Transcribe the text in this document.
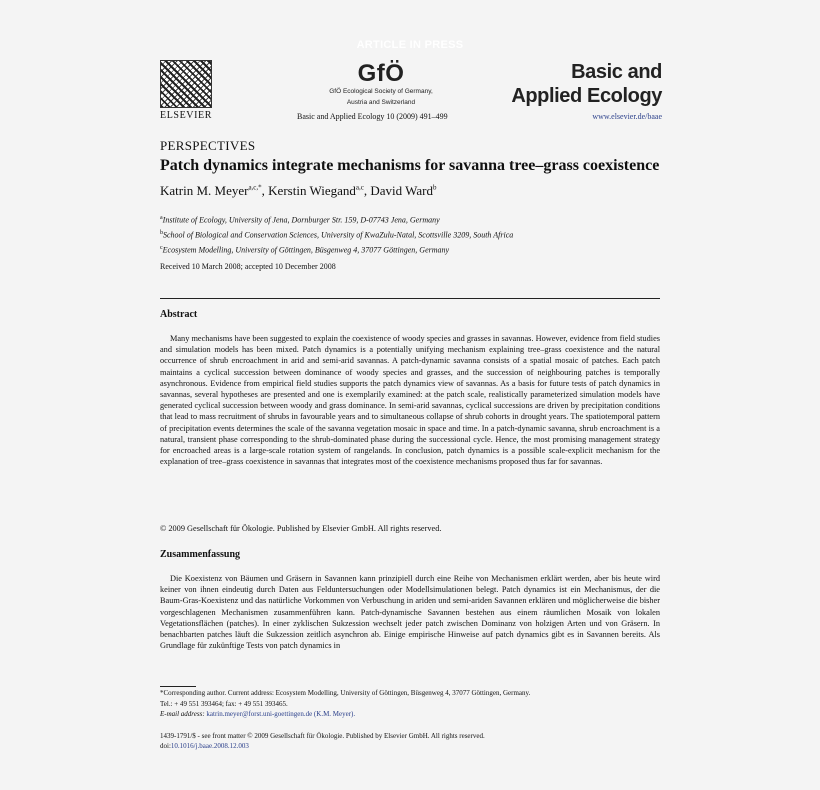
ARTICLE IN PRESS
ELSEVIER
GfÖ
GfÖ Ecological Society of Germany,
Austria and Switzerland
Basic and
Applied Ecology
Basic and Applied Ecology 10 (2009) 491–499	www.elsevier.de/baae
PERSPECTIVES
Patch dynamics integrate mechanisms for savanna tree–grass coexistence
Katrin M. Meyer$^{a,c,*}$, Kerstin Wiegand$^{a,c}$, David Ward$^b$
$^a$Institute of Ecology, University of Jena, Dornburger Str. 159, D-07743 Jena, Germany
$^b$School of Biological and Conservation Sciences, University of KwaZulu-Natal, Scottsville 3209, South Africa
$^c$Ecosystem Modelling, University of Göttingen, Büsgenweg 4, 37077 Göttingen, Germany
Received 10 March 2008; accepted 10 December 2008
Abstract
Many mechanisms have been suggested to explain the coexistence of woody species and grasses in savannas. However, evidence from field studies and simulation models has been mixed. Patch dynamics is a potentially unifying mechanism explaining tree–grass coexistence and the natural occurrence of shrub encroachment in arid and semi-arid savannas. A patch-dynamic savanna consists of a spatial mosaic of patches. Each patch maintains a cyclical succession between dominance of woody species and grasses, and the succession of neighbouring patches is temporally asynchronous. Evidence from empirical field studies supports the patch dynamics view of savannas. As a basis for future tests of patch dynamics in savannas, several hypotheses are presented and one is exemplarily examined: at the patch scale, realistically parameterized simulation models have generated cyclical succession between woody and grass dominance. In semi-arid savannas, cyclical successions are driven by precipitation conditions that lead to mass recruitment of shrubs in favourable years and to simultaneous collapse of shrub cohorts in drought years. The spatiotemporal pattern of precipitation events determines the scale of the savanna vegetation mosaic in space and time. In a patch-dynamic savanna, shrub encroachment is a natural, transient phase corresponding to the shrub-dominated phase during the successional cycle. Hence, the most promising management strategy for encroached areas is a large-scale rotation system of rangelands. In conclusion, patch dynamics is a possible scale-explicit mechanism for the explanation of tree–grass coexistence in savannas that integrates most of the coexistence mechanisms proposed thus far for savannas.
© 2009 Gesellschaft für Ökologie. Published by Elsevier GmbH. All rights reserved.
Zusammenfassung
Die Koexistenz von Bäumen und Gräsern in Savannen kann prinzipiell durch eine Reihe von Mechanismen erklärt werden, aber bis heute wird keiner von ihnen eindeutig durch Daten aus Felduntersuchungen oder Modellsimulationen belegt. Patch dynamics ist ein Mechanismus, der die Baum-Gras-Koexistenz und das natürliche Vorkommen von Verbuschung in ariden und semi-ariden Savannen erklären und möglicherweise die bisher vorgeschlagenen Mechanismen zusammenführen kann. Patch-dynamische Savannen bestehen aus einem räumlichen Mosaik von lokalen Vegetationsflächen (patches). In einer zyklischen Sukzession wechselt jeder patch zwischen Dominanz von holzigen Arten und von Gräsern. In benachbarten patches läuft die Sukzession zeitlich asynchron ab. Einige empirische Hinweise auf patch dynamics gibt es in Savannen bereits. Als Grundlage für zukünftige Tests von patch dynamics in
*Corresponding author. Current address: Ecosystem Modelling, University of Göttingen, Büsgenweg 4, 37077 Göttingen, Germany.
Tel.: + 49 551 393464; fax: + 49 551 393465.
E-mail address: katrin.meyer@forst.uni-goettingen.de (K.M. Meyer).
1439-1791/$ - see front matter © 2009 Gesellschaft für Ökologie. Published by Elsevier GmbH. All rights reserved.
doi:10.1016/j.baae.2008.12.003
